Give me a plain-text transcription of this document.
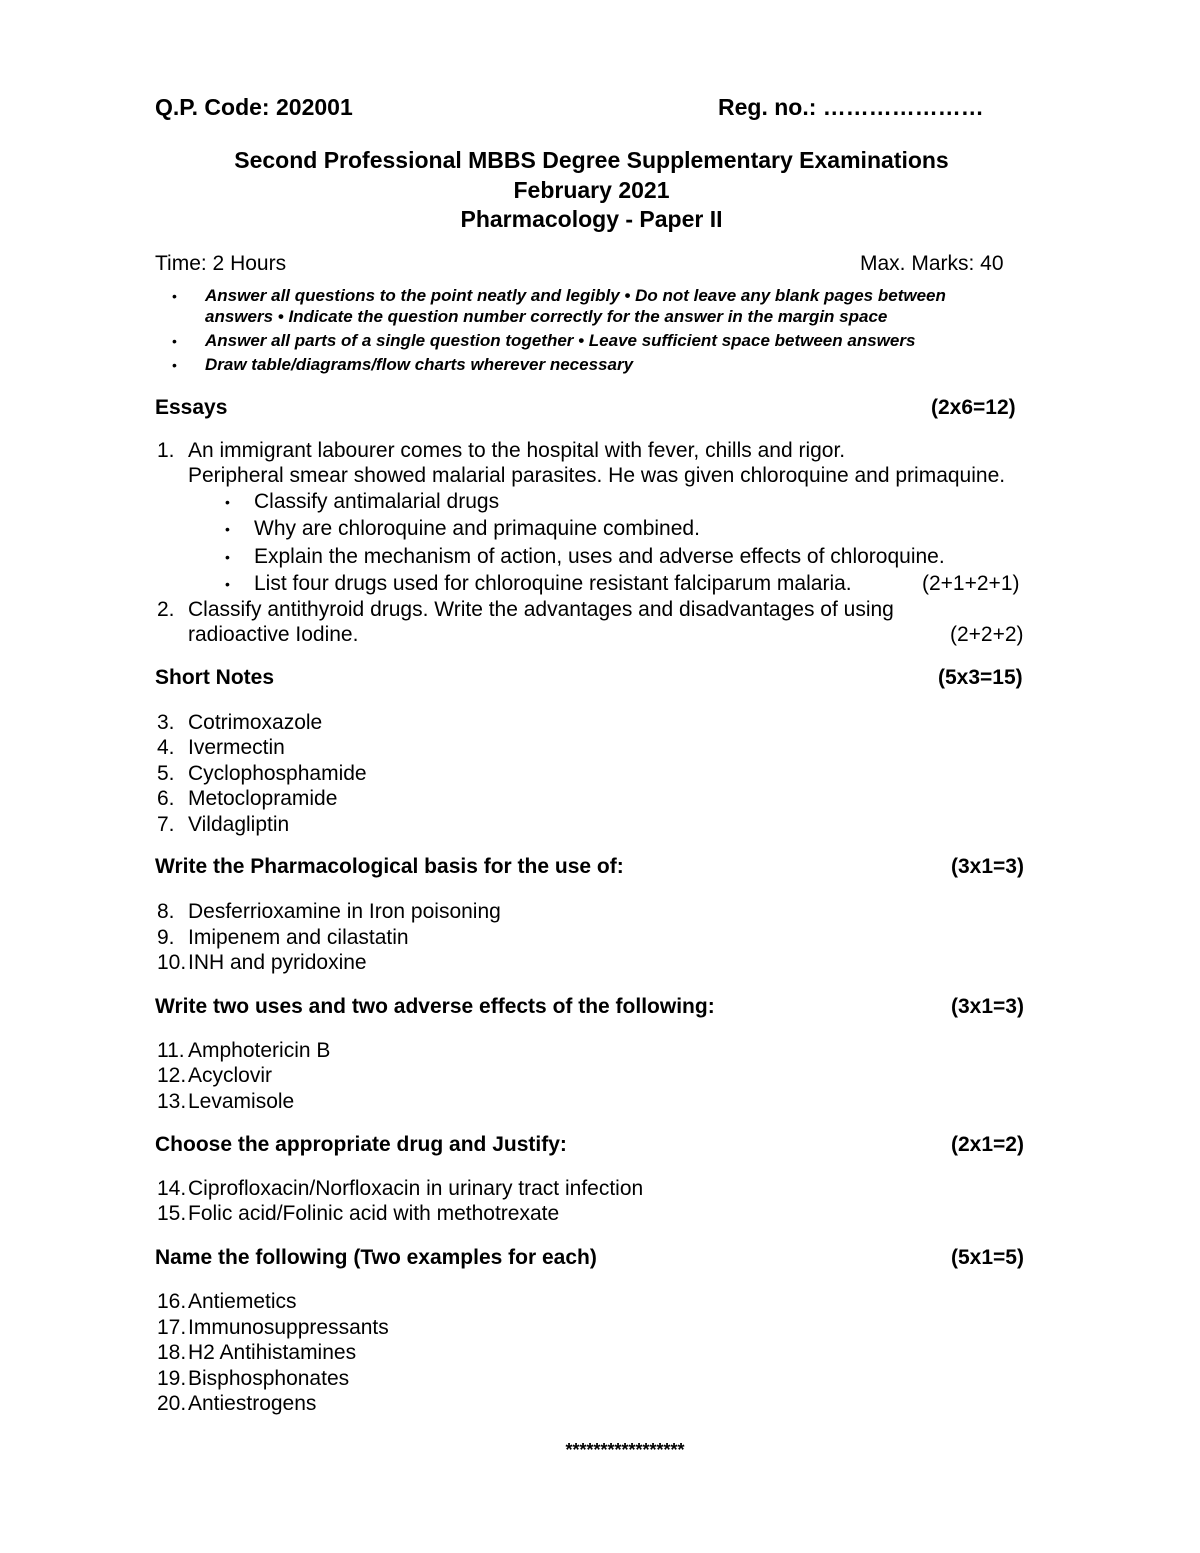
Q.P. Code: 202001	Reg. no.: …………………
Second Professional MBBS Degree Supplementary Examinations
February 2021
Pharmacology - Paper II
Time: 2 Hours	Max. Marks: 40
• Answer all questions to the point neatly and legibly • Do not leave any blank pages between
answers • Indicate the question number correctly for the answer in the margin space
• Answer all parts of a single question together • Leave sufficient space between answers
• Draw table/diagrams/flow charts wherever necessary
Essays	(2x6=12)
1. An immigrant labourer comes to the hospital with fever, chills and rigor.
Peripheral smear showed malarial parasites. He was given chloroquine and primaquine.
• Classify antimalarial drugs
• Why are chloroquine and primaquine combined.
• Explain the mechanism of action, uses and adverse effects of chloroquine.
• List four drugs used for chloroquine resistant falciparum malaria.	(2+1+2+1)
2. Classify antithyroid drugs. Write the advantages and disadvantages of using
radioactive Iodine.	(2+2+2)
Short Notes	(5x3=15)
3. Cotrimoxazole
4. Ivermectin
5. Cyclophosphamide
6. Metoclopramide
7. Vildagliptin
Write the Pharmacological basis for the use of:	(3x1=3)
8. Desferrioxamine in Iron poisoning
9. Imipenem and cilastatin
10. INH and pyridoxine
Write two uses and two adverse effects of the following:	(3x1=3)
11. Amphotericin B
12. Acyclovir
13. Levamisole
Choose the appropriate drug and Justify:	(2x1=2)
14. Ciprofloxacin/Norfloxacin in urinary tract infection
15. Folic acid/Folinic acid with methotrexate
Name the following (Two examples for each)	(5x1=5)
16. Antiemetics
17. Immunosuppressants
18. H2 Antihistamines
19. Bisphosphonates
20. Antiestrogens
*****************
